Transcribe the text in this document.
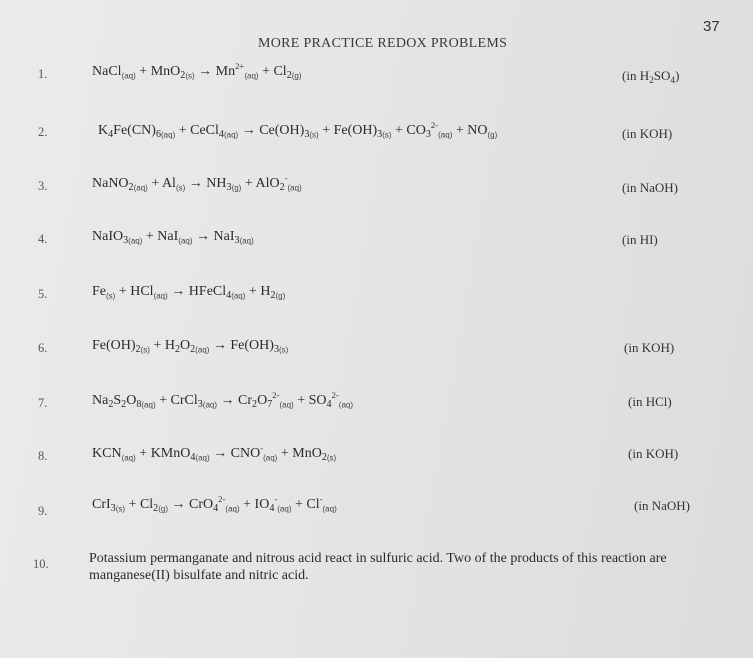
37
MORE PRACTICE REDOX PROBLEMS
1.	NaCl$_{(aq)}$ + $MnO_{2(s)} \to Mn^{2+}_{(aq)} + Cl_{2(g)}$	(in $H_2SO_4$)
2.	$K_4Fe(CN)_{6(aq)}$ + CeCl$_{4(aq)}$ → $Ce(OH)_{3(s)} + Fe(OH)_{3(s)} + CO_3^{2-}_{(aq)} + NO_{(g)}$	(in KOH)
3.	NaNO$_{2(aq)}$ + $Al_{(s)} \to NH_{3(g)} + AlO_2^-_{(aq)}$	(in NaOH)
4.	NaIO$_{3(aq)}$ + NaI$_{(aq)}$ → NaI$_{3(aq)}$	(in HI)
5.	$Fe_{(s)} + HCl_{(aq)}$ → HFeCl$_{4(aq)}$ + $H_{2(g)}$
6.	$Fe(OH)_{2(s)} + H_2O_{2(aq)} \to Fe(OH)_{3(s)}$	(in KOH)
7.	$Na_2S_2O_{8(aq)}$ + CrCl$_{3(aq)}$ → $Cr_2O_7^{2-}_{(aq)} + SO_4^{2-}_{(aq)}$	(in HCl)
8.	$KCN_{(aq)}$ + KMnO$_{4(aq)}$ → $CNO^-_{(aq)} + MnO_{2(s)}$	(in KOH)
9.	$CrI_{3(s)} + Cl_{2(g)} \to CrO_4^{2-}_{(aq)} + IO_4^-_{(aq)} + Cl^-_{(aq)}$	(in NaOH)
10.	Potassium permanganate and nitrous acid react in sulfuric acid. Two of the products of this reaction are manganese(II) bisulfate and nitric acid.
